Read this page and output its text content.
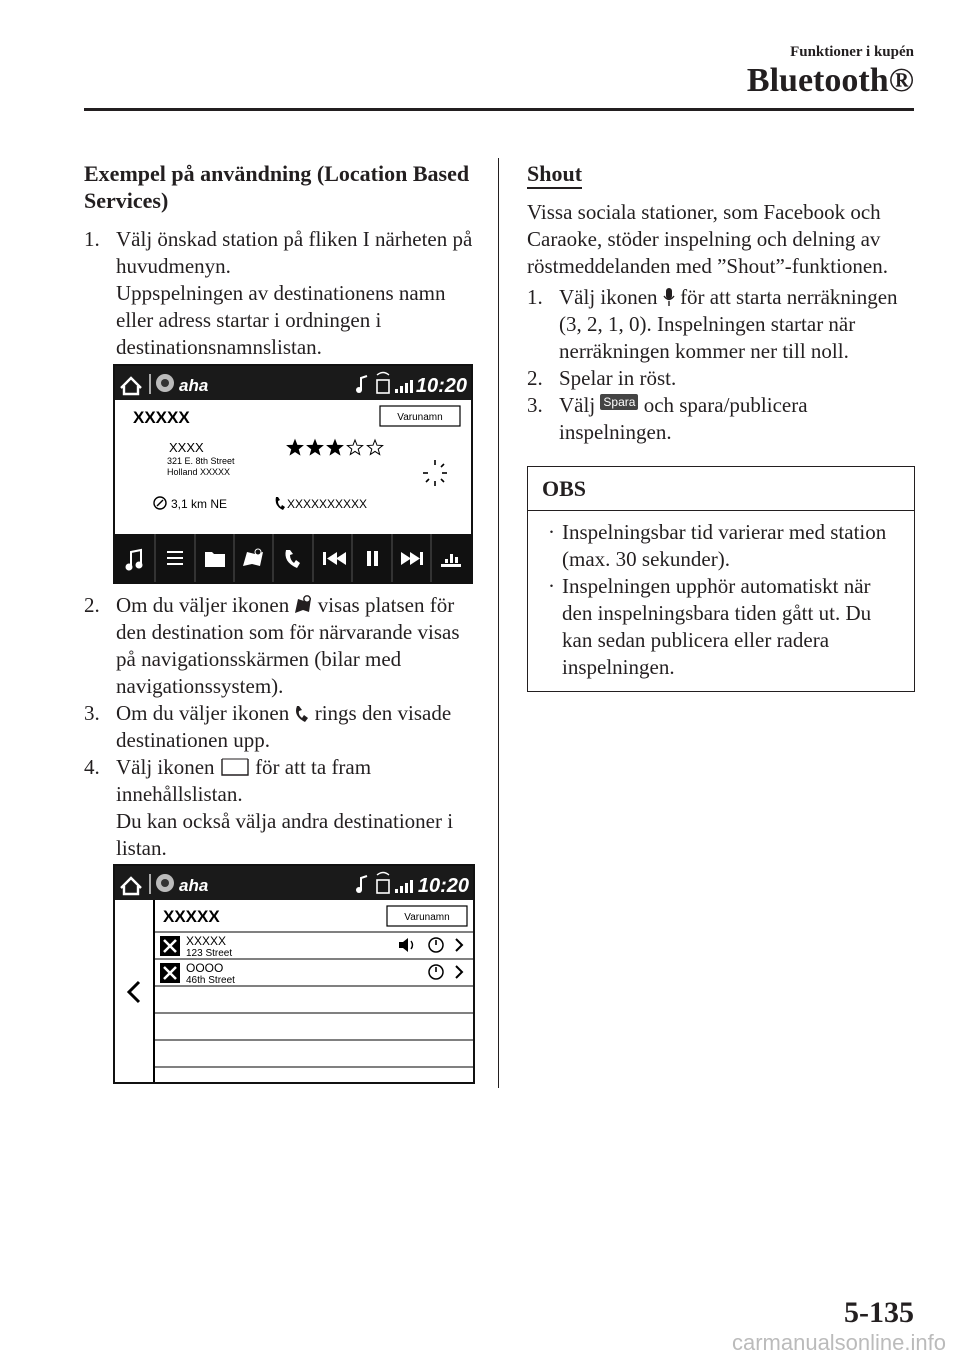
Funktioner i kupén
Bluetooth®
Exempel på användning (Location Based Services)
1. Välj önskad station på fliken I närheten på huvudmenyn.

Uppspelningen av destinationens namn eller adress startar i ordningen i destinationsnamnslistan.

aha	10:20
XXXXX	Varunamn
XXXX
321 E. 8th Street
Holland XXXXX
3,1 km NE	XXXXXXXXXX
2. Om du väljer ikonen visas platsen för den destination som för närvarande visas på navigationsskärmen (bilar med navigationssystem).

3. Om du väljer ikonen rings den visade destinationen upp.

4. Välj ikonen för att ta fram innehållslistan.

Du kan också välja andra destinationer i listan.

aha	10:20
XXXXX	Varunamn
XXXXX
123 Street
OOOO
46th Street
Shout

Vissa sociala stationer, som Facebook och Caraoke, stöder inspelning och delning av röstmeddelanden med ”Shout”-funktionen.

1. Välj ikonen för att starta nerräkningen (3, 2, 1, 0). Inspelningen startar när nerräkningen kommer ner till noll.

2. Spelar in röst.

3. Välj Spara och spara/publicera inspelningen.

OBS
· Inspelningsbar tid varierar med station (max. 30 sekunder).
· Inspelningen upphör automatiskt när den inspelningsbara tiden gått ut. Du kan sedan publicera eller radera inspelningen.
5-135
carmanualsonline.info
